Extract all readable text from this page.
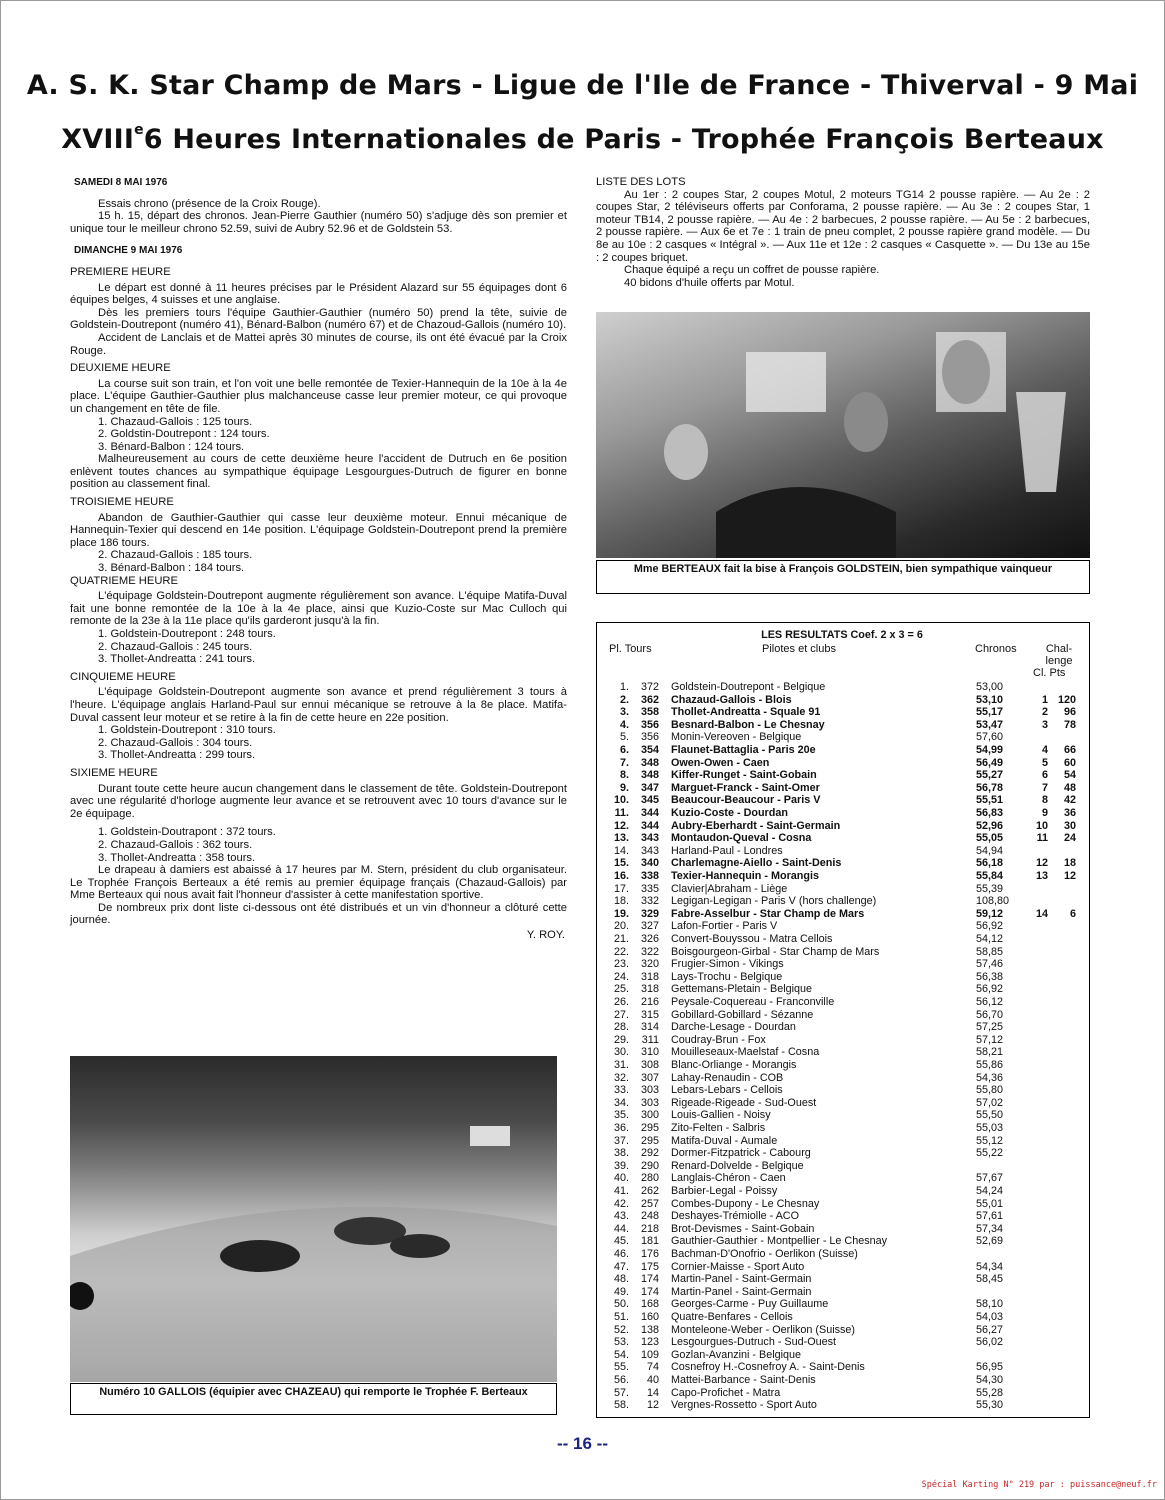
A. S. K. Star Champ de Mars - Ligue de l'Ile de France - Thiverval - 9 Mai
XVIIIe6 Heures Internationales de Paris - Trophée François Berteaux
SAMEDI 8 MAI 1976

Essais chrono (présence de la Croix Rouge).

15 h. 15, départ des chronos. Jean-Pierre Gauthier (numéro 50) s'adjuge dès son premier et unique tour le meilleur chrono 52.59, suivi de Aubry 52.96 et de Goldstein 53.

DIMANCHE 9 MAI 1976
PREMIERE HEURE

Le départ est donné à 11 heures précises par le Président Alazard sur 55 équipages dont 6 équipes belges, 4 suisses et une anglaise.

Dès les premiers tours l'équipe Gauthier-Gauthier (numéro 50) prend la tête, suivie de Goldstein-Doutrepont (numéro 41), Bénard-Balbon (numéro 67) et de Chazoud-Gallois (numéro 10).

Accident de Lanclais et de Mattei après 30 minutes de course, ils ont été évacué par la Croix Rouge.

DEUXIEME HEURE

La course suit son train, et l'on voit une belle remontée de Texier-Hannequin de la 10e à la 4e place. L'équipe Gauthier-Gauthier plus malchanceuse casse leur premier moteur, ce qui provoque un changement en tête de file.

1. Chazaud-Gallois : 125 tours.
2. Goldstin-Doutrepont : 124 tours.
3. Bénard-Balbon : 124 tours.

Malheureusement au cours de cette deuxième heure l'accident de Dutruch en 6e position enlèvent toutes chances au sympathique équipage Lesgourgues-Dutruch de figurer en bonne position au classement final.

TROISIEME HEURE

Abandon de Gauthier-Gauthier qui casse leur deuxième moteur. Ennui mécanique de Hannequin-Texier qui descend en 14e position. L'équipage Goldstein-Doutrepont prend la première place 186 tours.

2. Chazaud-Gallois : 185 tours.
3. Bénard-Balbon : 184 tours.
QUATRIEME HEURE

L'équipage Goldstein-Doutrepont augmente régulièrement son avance. L'équipe Matifa-Duval fait une bonne remontée de la 10e à la 4e place, ainsi que Kuzio-Coste sur Mac Culloch qui remonte de la 23e à la 11e place qu'ils garderont jusqu'à la fin.

1. Goldstein-Doutrepont : 248 tours.
2. Chazaud-Gallois : 245 tours.
3. Thollet-Andreatta : 241 tours.
CINQUIEME HEURE

L'équipage Goldstein-Doutrepont augmente son avance et prend régulièrement 3 tours à l'heure. L'équipage anglais Harland-Paul sur ennui mécanique se retrouve à la 8e place. Matifa-Duval cassent leur moteur et se retire à la fin de cette heure en 22e position.

1. Goldstein-Doutrepont : 310 tours.
2. Chazaud-Gallois : 304 tours.
3. Thollet-Andreatta : 299 tours.
SIXIEME HEURE

Durant toute cette heure aucun changement dans le classement de tête. Goldstein-Doutrepont avec une régularité d'horloge augmente leur avance et se retrouvent avec 10 tours d'avance sur le 2e équipage.

1. Goldstein-Doutrapont : 372 tours.
2. Chazaud-Gallois : 362 tours.
3. Thollet-Andreatta : 358 tours.

Le drapeau à damiers est abaissé à 17 heures par M. Stern, président du club organisateur. Le Trophée François Berteaux a été remis au premier équipage français (Chazaud-Gallois) par Mme Berteaux qui nous avait fait l'honneur d'assister à cette manifestation sportive.

De nombreux prix dont liste ci-dessous ont été distribués et un vin d'honneur a clôturé cette journée.

Y. ROY.
LISTE DES LOTS

Au 1er : 2 coupes Star, 2 coupes Motul, 2 moteurs TG14 2 pousse rapière. — Au 2e : 2 coupes Star, 2 téléviseurs offerts par Conforama, 2 pousse rapière. — Au 3e : 2 coupes Star, 1 moteur TB14, 2 pousse rapière. — Au 4e : 2 barbecues, 2 pousse rapière. — Au 5e : 2 barbecues, 2 pousse rapière. — Aux 6e et 7e : 1 train de pneu complet, 2 pousse rapière grand modèle. — Du 8e au 10e : 2 casques « Intégral ». — Aux 11e et 12e : 2 casques « Casquette ». — Du 13e au 15e : 2 coupes briquet.

Chaque équipé a reçu un coffret de pousse rapière.

40 bidons d'huile offerts par Motul.

Mme BERTEAUX fait la bise à François GOLDSTEIN, bien sympathique vainqueur
Numéro 10 GALLOIS (équipier avec CHAZEAU) qui remporte le Trophée F. Berteaux
LES RESULTATS Coef. 2 x 3 = 6
Pl. Tours	Pilotes et clubs	Chronos	Chal-
lenge
Cl. Pts
1.	372 Goldstein-Doutrepont - Belgique	53,00
2.	362 Chazaud-Gallois - Blois	53,10	1 120
3.	358 Thollet-Andreatta - Squale 91	55,17	2	96
4.	356 Besnard-Balbon - Le Chesnay	53,47	3	78
5.	356 Monin-Vereoven - Belgique	57,60
6.	354 Flaunet-Battaglia - Paris 20e	54,99	4	66
7.	348 Owen-Owen - Caen	56,49	5	60
8.	348 Kiffer-Runget - Saint-Gobain	55,27	6	54
9.	347 Marguet-Franck - Saint-Omer	56,78	7	48
10.	345 Beaucour-Beaucour - Paris V	55,51	8	42
11.	344 Kuzio-Coste - Dourdan	56,83	9	36
12.	344 Aubry-Eberhardt - Saint-Germain	52,96	10	30
13.	343 Montaudon-Queval - Cosna	55,05	11	24
14.	343 Harland-Paul - Londres	54,94
15.	340 Charlemagne-Aiello - Saint-Denis	56,18	12	18
16.	338 Texier-Hannequin - Morangis	55,84	13	12
17.	335 Clavier|Abraham - Liège	55,39
18.	332 Legigan-Legigan - Paris V (hors challenge)	108,80
19.	329 Fabre-Asselbur - Star Champ de Mars	59,12	14	6
20.	327 Lafon-Fortier - Paris V	56,92
21.	326 Convert-Bouyssou - Matra Cellois	54,12
22.	322 Boisgourgeon-Girbal - Star Champ de Mars	58,85
23.	320 Frugier-Simon - Vikings	57,46
24.	318 Lays-Trochu - Belgique	56,38
25.	318 Gettemans-Pletain - Belgique	56,92
26.	216 Peysale-Coquereau - Franconville	56,12
27.	315 Gobillard-Gobillard - Sézanne	56,70
28.	314 Darche-Lesage - Dourdan	57,25
29.	311 Coudray-Brun - Fox	57,12
30.	310 Mouilleseaux-Maelstaf - Cosna	58,21
31.	308 Blanc-Orliange - Morangis	55,86
32.	307 Lahay-Renaudin - COB	54,36
33.	303 Lebars-Lebars - Cellois	55,80
34.	303 Rigeade-Rigeade - Sud-Ouest	57,02
35.	300 Louis-Gallien - Noisy	55,50
36.	295 Zito-Felten - Salbris	55,03
37.	295 Matifa-Duval - Aumale	55,12
38.	292 Dormer-Fitzpatrick - Cabourg	55,22
39.	290 Renard-Dolvelde - Belgique
40.	280 Langlais-Chéron - Caen	57,67
41.	262 Barbier-Legal - Poissy	54,24
42.	257 Combes-Dupony - Le Chesnay	55,01
43.	248 Deshayes-Trémiolle - ACO	57,61
44.	218 Brot-Devismes - Saint-Gobain	57,34
45.	181 Gauthier-Gauthier - Montpellier - Le Chesnay	52,69
46.	176 Bachman-D'Onofrio - Oerlikon (Suisse)
47.	175 Cornier-Maisse - Sport Auto	54,34
48.	174 Martin-Panel - Saint-Germain	58,45
49.	174 Martin-Panel - Saint-Germain
50.	168 Georges-Carme - Puy Guillaume	58,10
51.	160 Quatre-Benfares - Cellois	54,03
52.	138 Monteleone-Weber - Oerlikon (Suisse)	56,27
53.	123 Lesgourgues-Dutruch - Sud-Ouest	56,02
54.	109 Gozlan-Avanzini - Belgique
55.	74 Cosnefroy H.-Cosnefroy A. - Saint-Denis	56,95
56.	40 Mattei-Barbance - Saint-Denis	54,30
57.	14 Capo-Profichet - Matra	55,28
58.	12 Vergnes-Rossetto - Sport Auto	55,30
-- 16 --
Spécial Karting N° 219 par : puissance@neuf.fr
